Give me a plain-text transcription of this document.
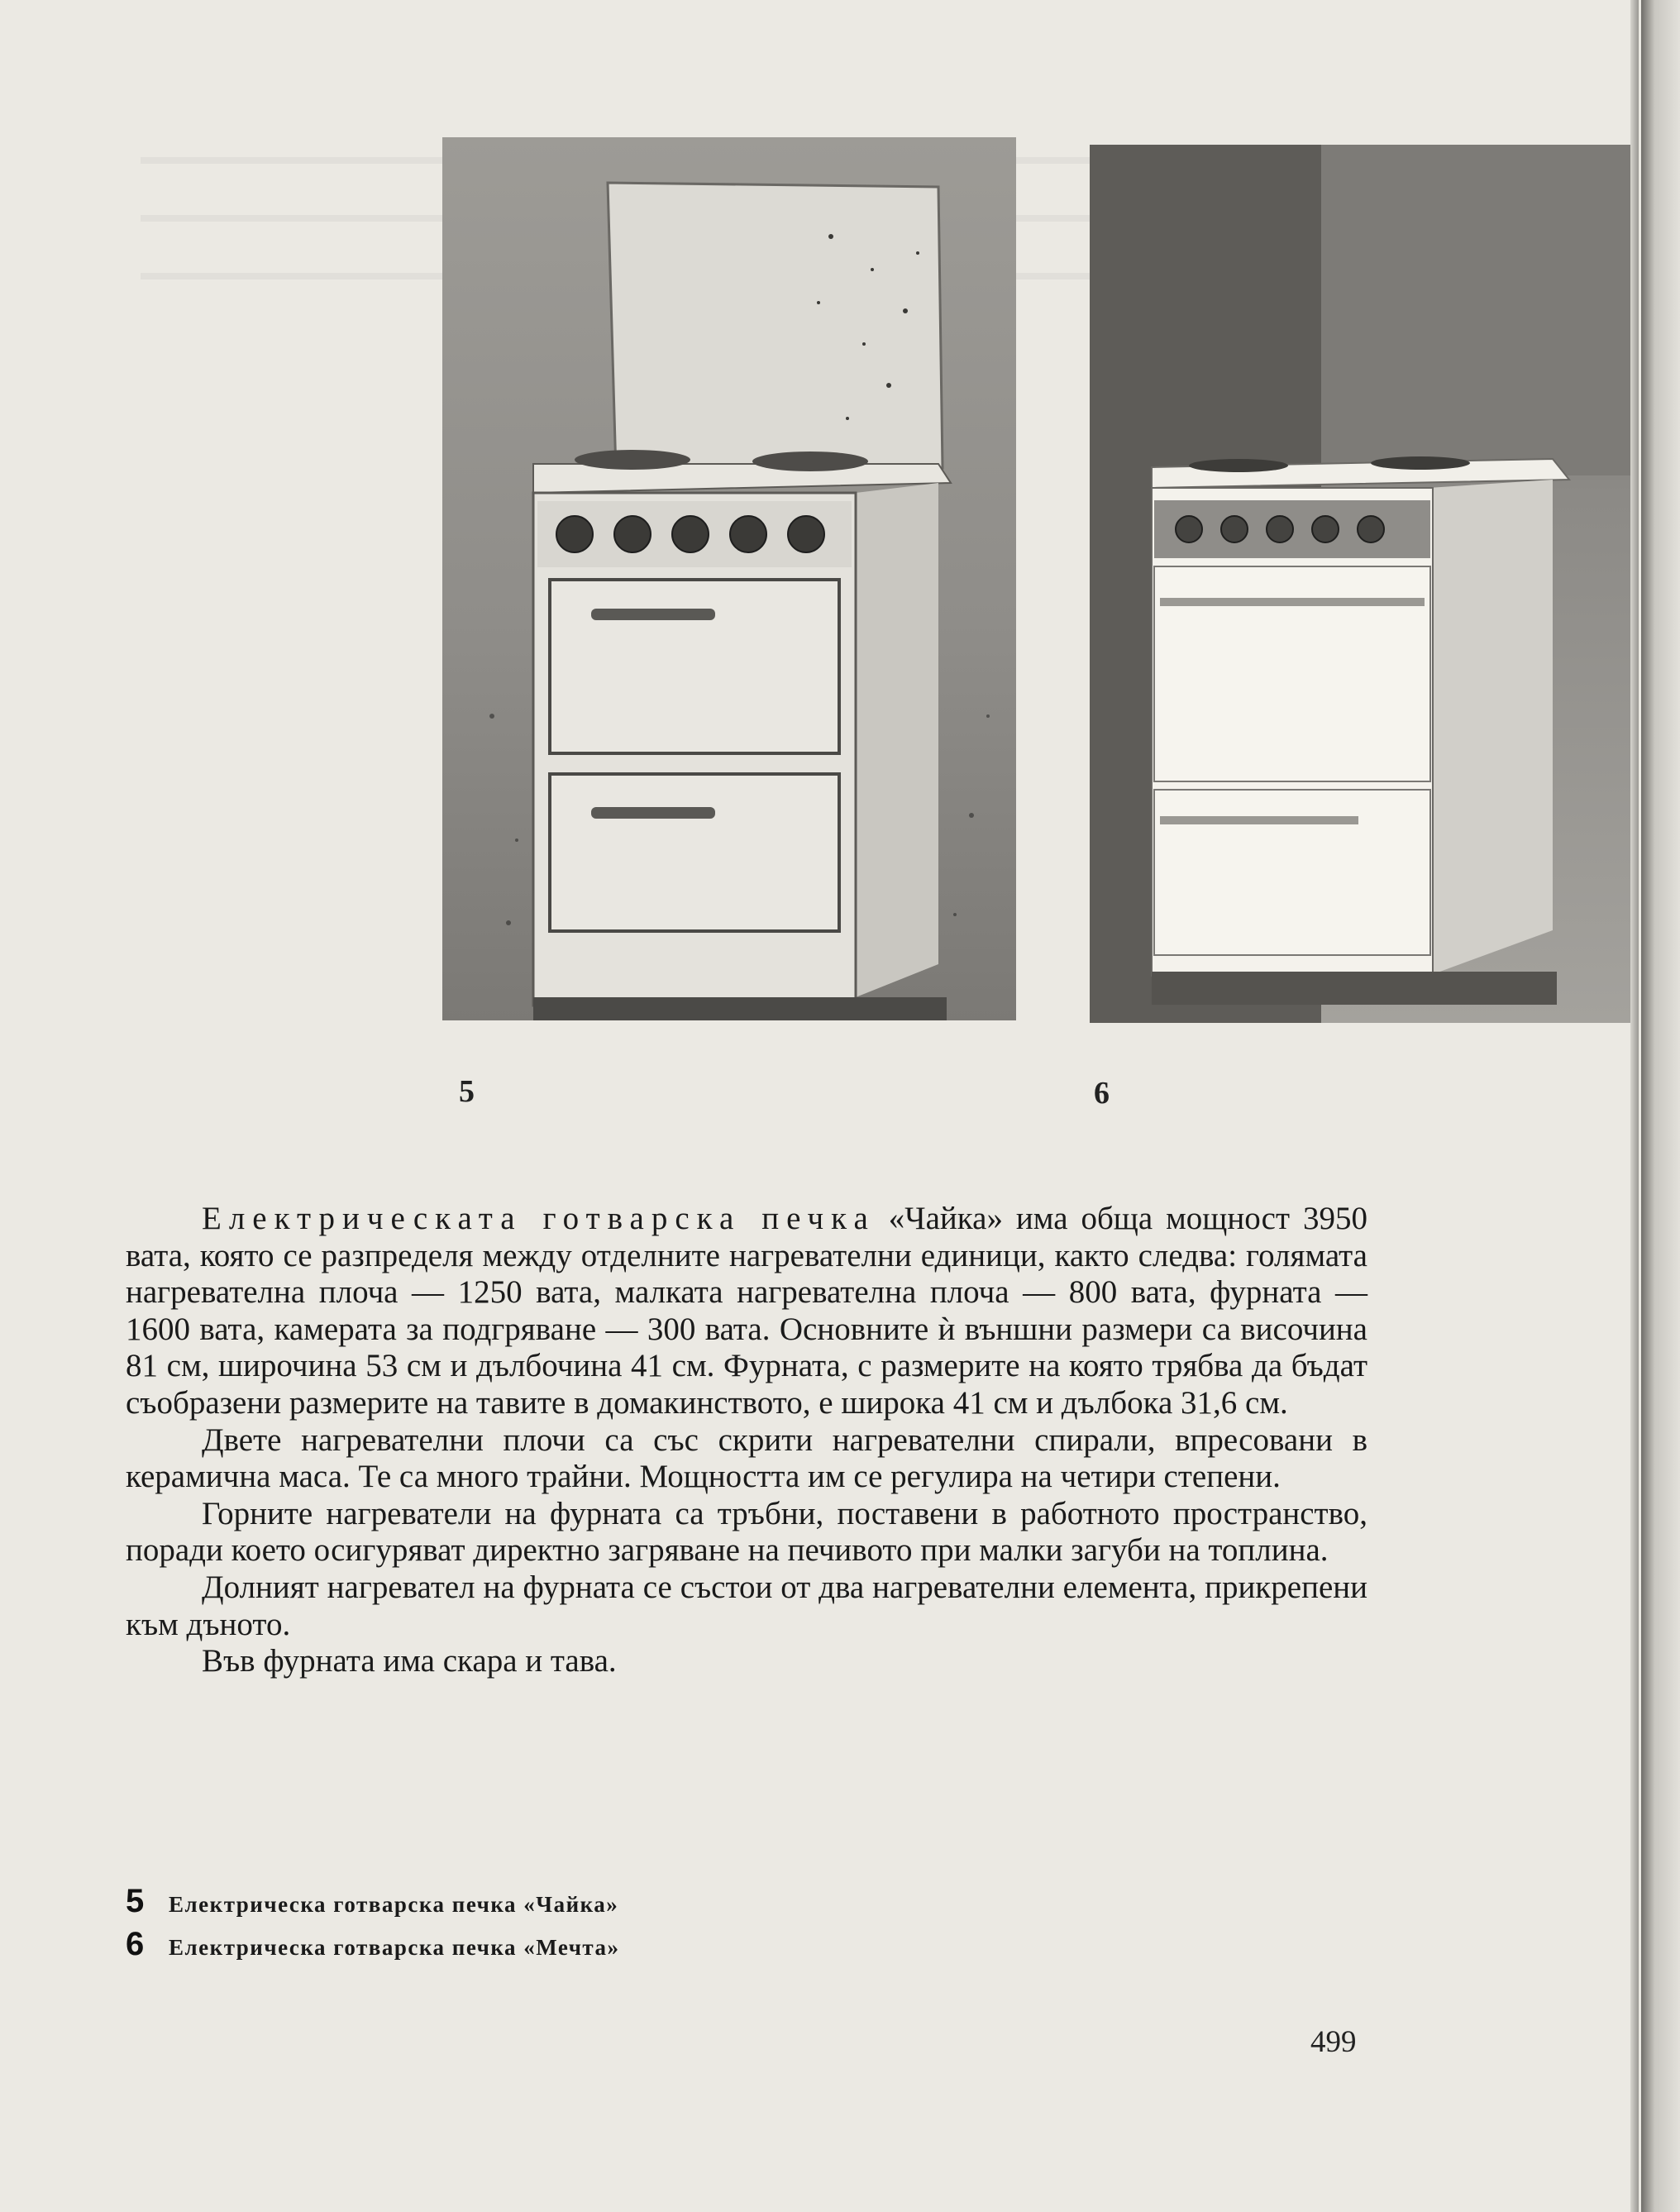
5	6

Електрическата готварска печка «Чайка» има обща мощност 3950 вата, която се разпределя между отделните нагревателни единици, както следва: голямата нагревателна плоча — 1250 вата, малката нагревателна плоча — 800 вата, фурната — 1600 вата, камерата за подгряване — 300 вата. Основните ѝ външни размери са височина 81 см, широчина 53 см и дълбочина 41 см. Фурната, с размерите на която трябва да бъдат съобразени размерите на тавите в домакинството, е широка 41 см и дълбока 31,6 см.

Двете нагревателни плочи са със скрити нагревателни спирали, впресовани в керамична маса. Те са много трайни. Мощността им се регулира на четири степени.

Горните нагреватели на фурната са тръбни, поставени в работното пространство, поради което осигуряват директно загряване на печивото при малки загуби на топлина.

Долният нагревател на фурната се състои от два нагревателни елемента, прикрепени към дъното.

Във фурната има скара и тава.

5	Електрическа готварска печка «Чайка»
6	Електрическа готварска печка «Мечта»
499
